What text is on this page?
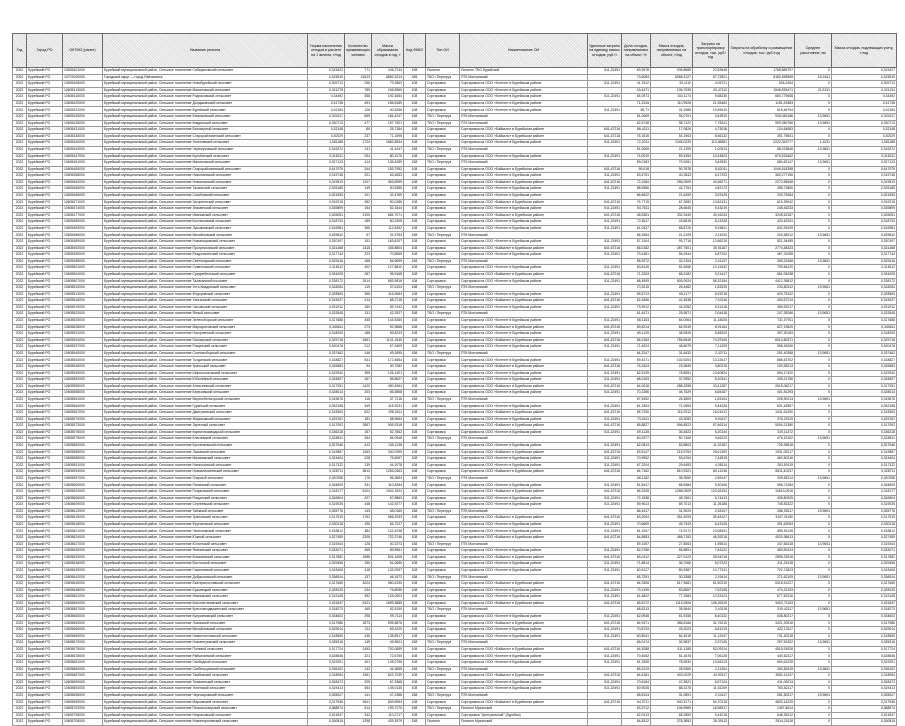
Год	Город РО	ОКТМО (ранее)	Название региона	Норма накопления отходов в расчете на 1 жителя, т/год	Количество проживающих, человек	Масса образования отходов в год, т	Код ФККО	Тип ОИ	Наименование ОИ	Удельные затраты на единицу массы отходов, руб./т	Доля отходов, направляемых на объект, %	Масса отходов, направляемых на объект, т/год	Затраты на транспортировку отходов, тыс. руб./год	Затраты на обработку и размещение отходов, тыс. руб./год	Среднее расстояние, км	Масса отходов, подлежащих учету, т/год
2022	Бурейский РО	10605401000	Бурейский муниципальный район, Сельское поселение Сибиряковский сельсовет	0,319422	771	246,2744	158	Полигон	Полигон ТБО Бурейский	511,22491	83,9978	206,8688	22,53648	1768,586797	0	0,319427
2022	Бурейский РО	10701000000	Городской округ — город Райчихинск	0,315519	21813	6882,3214	335	ТБО / Перегруз	ПТК Мончинский		73,6084	5066,3127	57,72821	5182,458969	15,2441	0,315519
2022	Бурейский РО	10605408000	Бурейский муниципальный район, Сельское поселение Новобурейский поссовет	0,309712	256	79,2863	108	Сортировка	Сортировка на ООО «Кэптэн» в Бурейском районе	511,22491	41,7612	33,1110	4,05721	526,2264	0	0,309712
2022	Бурейский РО	10605413000	Бурейский муниципальный район, Сельское поселение Малиновский сельсовет	0,311275	789	245,5960	108	Сортировка	Сортировка на ООО «Кэптэн» в Бурейском районе		43,4471	106,7039	20,47112	1546,935471	21,5131	0,321211
2022	Бурейский РО	10605416000	Бурейский муниципальный район, Сельское поселение Родниковский сельсовет	0,34492	558	192,4654	108	Сортировка	Сортировка на ООО «Кэптэн» в Бурейском районе	511,22491	54,0973	104,1174	9,58235	680,779658	0	0,34492
2022	Бурейский РО	10605420000	Бурейский муниципальный район, Сельское поселение Долдыканский сельсовет	0,31735	491	155,8189	108	Сортировка	Сортировка на ООО «Кэптэн» в Бурейском районе		71,2315	110,9928	21,35462	1151,25383	0	0,31735
2022	Бурейский РО	10605422000	Бурейский муниципальный район, Сельское поселение Бурейский сельсовет	0,32164	126	40,5266	108	Сортировка	Сортировка на ООО «Кэптэн» в Бурейском районе	511,22491	59,71	24,1985	10,95410	615,46794	0	0,32164
2022	Бурейский РО	10605425000	Бурейский муниципальный район, Сельское поселение Евгеньевский сельсовет	0,324117	569	184,4247	158	ТБО / Перегруз	ПТК Мончинский		51,0069	94,0701	3,42819	930,082186	13,9651	0,324117
2022	Бурейский РО	10605428000	Бурейский муниципальный район, Сельское поселение Кивдинский сельсовет	0,330713	477	157,7501	158	ТБО / Перегруз	ПТК Мончинский		62,5748	98,7122	7,78241	999,380766	13,9651	0,330713
2022	Бурейский РО	10605431000	Бурейский муниципальный район, Сельское поселение Безозерный сельсовет	0,32148	80	25,7184	108	Сортировка	Сортировка на ООО «Байкало» в Бурейском районе	641,67216	66,4211	17,0826	4,73018	124,64983	0	0,32148
2022	Бурейский РО	10605436000	Бурейский муниципальный район, Сельское поселение Старорайчихинский сельсовет	0,30029	237	71,1696	108	Сортировка	Сортировка на ООО «Байкало» в Бурейском районе	641,67216	76,1516	54,1963	8,56132	351,79841	0	0,30029
2022	Бурейский РО	10605440000	Бурейский муниципальный район, Сельское поселение Успеновский сельсовет	1,081186	1723	1862,8834	108	Сортировка	Сортировка на ООО «Кэптэн» в Бурейском районе	511,22491	72,2011	1345,0225	113,36581	2222,326777	1,1031	1,081186
2022	Бурейский РО	10605443000	Бурейский муниципальный район, Сельское поселение Черемуховский сельсовет	0,316372	131	41,4447	158	ТБО / Перегруз	ПТК Мончинский		51,0069	21,1399	1,00913	88,023846	13,9651	0,316372
2022	Бурейский РО	10605447000	Бурейский муниципальный район, Сельское поселение Кульбитский сельсовет	0,316211	254	80,3176	108	Сортировка	Сортировка на ООО «Кэптэн» в Бурейском районе	511,22491	74,0019	59,4354	10,44523	670,515462	0	0,316211
2022	Бурейский РО	10605451000	Бурейский муниципальный район, Сельское поселение Малиновский сельсовет	0,327123	414	135,4289	158	ТБО / Перегруз	ПТК Мончинский		59,0183	79,9281	3,42830	584,82147	13,9651	0,327123
2022	Бурейский РО	10605455000	Бурейский муниципальный район, Сельское поселение Старорайчихинский сельсовет	0,447079	344	153,7952	108	Сортировка	Сортировка на ООО «Байкало» в Бурейском районе	641,67216	59,018	90,7678	8,62011	1046,518398	0	0,447079
2022	Бурейский РО	10605458000	Бурейский муниципальный район, Сельское поселение Николаевский сельсовет	0,315748	201	63,4653	108	Сортировка	Сортировка на ООО «Кэптэн» в Бурейском районе	511,22491	63,4751	40,2843	6,47293	360,277196	0	0,315748
2022	Бурейский РО	10605462000	Бурейский муниципальный район, Сельское поселение Новоспасский сельсовет	0,319513	1107	353,6999	108	Сортировка	Сортировка на ООО «Байкало» в Бурейском районе	641,67216	72,1084	255,0509	43,36271	2272,65948	0	0,319513
2022	Бурейский РО	10605465000	Бурейский муниципальный район, Сельское поселение Таскинский сельсовет	0,339185	149	50,5386	108	Сортировка	Сортировка на ООО «Кэптэн» в Бурейском районе	511,22491	88,5986	44,7764	4,82172	398,73806	0	0,339185
2022	Бурейский РО	10605468000	Бурейский муниципальный район, Сельское поселение Сагибовский сельсовет	0,321553	101	32,4769	108	Сортировка	Сортировка на ООО «Кэптэн» в Бурейском районе		66,6622	21,6499	3,93125	233,75284	0	0,321553
2022	Бурейский РО	10605471000	Бурейский муниципальный район, Сельское поселение Загорненский сельсовет	0,319215	282	90,0186	108	Сортировка	Сортировка на ООО «Байкало» в Бурейском районе	641,67216	74,7715	67,3082	13,82431	615,39042	0	0,319215
2022	Бурейский РО	10605474000	Бурейский муниципальный район, Сельское поселение Знаменский сельсовет	0,339899	154	52,3444	108	Сортировка	Сортировка на ООО «Кэптэн» в Бурейском районе	511,22491	54,7611	28,6645	5,43219	248,45233	0	0,339899
2022	Бурейский РО	10605477000	Бурейский муниципальный район, Сельское поселение Ивановский сельсовет	0,326051	2100	684,7071	108	Сортировка	Сортировка на ООО «Байкало» в Бурейском районе	641,67216	48,5381	332,3440	40,16243	3245,62187	0	0,326051
2022	Бурейский РО	10605480000	Бурейский муниципальный район, Сельское поселение Костюковский сельсовет	0,318733	189	60,2405	108	Сортировка	Сортировка на ООО «Кэптэн» в Бурейском районе	511,22491	72,8117	43,8619	8,14328	420,62311	0	0,318733
2022	Бурейский РО	10605483000	Бурейский муниципальный район, Сельское поселение Лукьяновский сельсовет	0,316981	356	112,8452	108	Сортировка	Сортировка на ООО «Кэптэн» в Бурейском районе	511,22491	61,0327	68,8726	9,33841	602,25109	0	0,316981
2022	Бурейский РО	10605486000	Бурейский муниципальный район, Сельское поселение Михайловский сельсовет	0,329642	97	31,9753	158	ТБО / Перегруз	ПТК Мончинский		66,3354	21,2109	2,11034	203,38212	13,9651	0,329642
2022	Бурейский РО	10605489000	Бурейский муниципальный район, Сельское поселение Новопокровский сельсовет	0,320197	511	163,6207	108	Сортировка	Сортировка на ООО «Кэптэн» в Бурейском районе	511,22491	57,3104	93,7716	12,66218	821,94455	0	0,320197
2022	Бурейский РО	10605492000	Бурейский муниципальный район, Сельское поселение Прогрессовский сельсовет	0,331468	1315	435,8804	108	Сортировка	Сортировка на ООО «Байкало» в Бурейском районе	641,67216	66,0182	287,7601	30,51187	2774,48323	0	0,331468
2022	Бурейский РО	10605495000	Бурейский муниципальный район, Сельское поселение Раздольненский сельсовет	0,317744	223	70,8569	108	Сортировка	Сортировка на ООО «Кэптэн» в Бурейском районе	511,22491	79,4481	56,2944	6,87204	467,31055	0	0,317744
2022	Бурейский РО	10605498000	Бурейский муниципальный район, Сельское поселение Светлоярский сельсовет	0,325416	168	54,6699	158	ТБО / Перегруз	ПТК Мончинский		58,9272	32,2154	2,41137	305,22468	13,9651	0,325416
2022	Бурейский РО	10605501000	Бурейский муниципальный район, Сельское поселение Семеновский сельсовет	0,318112	402	127,8810	108	Сортировка	Сортировка на ООО «Кэптэн» в Бурейском районе	511,22491	63,8145	81,6066	10,19432	709,66120	0	0,318112
2022	Бурейский РО	10605504000	Бурейский муниципальный район, Сельское поселение Среднебельский сельсовет	0,334205	287	95,9168	108	Сортировка	Сортировка на ООО «Байкало» в Бурейском районе	641,67216	71,2263	68,3182	9,21417	661,05438	0	0,334205
2022	Бурейский РО	10605507000	Бурейский муниципальный район, Сельское поселение Талаканский поссовет	0,338172	2614	883,9816	108	Сортировка	Сортировка на ООО «Кэптэн» в Бурейском районе	511,22491	68,4509	605,0924	58,32184	4412,39812	0	0,338172
2022	Бурейский РО	10605510000	Бурейский муниципальный район, Сельское поселение Усть-Кивдинский сельсовет	0,316054	119	37,6104	158	ТБО / Перегруз	ПТК Мончинский		70,3215	26,4482	1,83319	233,80312	13,9651	0,316054
2022	Бурейский РО	10605513000	Бурейский муниципальный район, Сельское поселение Федоровский сельсовет	0,328563	356	116,9684	108	Сортировка	Сортировка на ООО «Кэптэн» в Бурейском районе	511,22491	55,6713	65,1177	8,93218	603,75102	0	0,328563
2022	Бурейский РО	10605516000	Бурейский муниципальный район, Сельское поселение Хинганский сельсовет	0,319027	214	68,2718	108	Сортировка	Сортировка на ООО «Байкало» в Бурейском районе	641,67216	62,1836	42,4538	7,02116	403,57214	0	0,319027
2022	Бурейский РО	10605519000	Бурейский муниципальный район, Сельское поселение Чагоянский сельсовет	0,331912	180	59,7442	108	Сортировка	Сортировка на ООО «Кэптэн» в Бурейском районе	511,22491	73,9912	44,2052	5,31418	366,92017	0	0,331912
2022	Бурейский РО	10605522000	Бурейский муниципальный район, Сельское поселение Ясный сельсовет	0,322845	131	42,2927	158	ТБО / Перегруз	ПТК Мончинский		61,4471	25,9871	2,04418	247,35266	13,9651	0,322845
2022	Бурейский РО	10605525000	Бурейский муниципальный район, Сельское поселение Зеленоборский сельсовет	0,317688	455	144,5480	108	Сортировка	Сортировка на ООО «Кэптэн» в Бурейском районе	511,22491	58,1163	84,0064	11,15026	731,07911	0	0,317688
2022	Бурейский РО	10605528000	Бурейский муниципальный район, Сельское поселение Маргаритовский сельсовет	0,340611	273	92,9868	108	Сортировка	Сортировка на ООО «Байкало» в Бурейском районе	641,67216	69,8214	64,9249	8,91164	627,19820	0	0,340611
2022	Бурейский РО	10605531000	Бурейский муниципальный район, Сельское поселение Нагорненский сельсовет	0,318209	188	59,8233	108	Сортировка	Сортировка на ООО «Кэптэн» в Бурейском районе	511,22491	65,1126	38,9526	5,88320	357,30183	0	0,318209
2022	Бурейский РО	10605534000	Бурейский муниципальный район, Сельское поселение Пионерский сельсовет	0,329718	3461	1141,1540	108	Сортировка	Сортировка на ООО «Байкало» в Бурейском районе	641,67216	66,2184	755,6545	74,29106	6014,80371	0	0,329718
2022	Бурейский РО	10605537000	Бурейский муниципальный район, Сельское поселение Рощинский сельсовет	0,320476	212	67,9409	108	Сортировка	Сортировка на ООО «Кэптэн» в Бурейском районе	511,22491	71,6324	48,6679	7,11205	398,45266	0	0,320476
2022	Бурейский РО	10605540000	Бурейский муниципальный район, Сельское поселение Сосновоборский сельсовет	0,337462	146	49,2695	158	ТБО / Перегруз	ПТК Мончинский		64,2247	31,6432	2,32711	291,40358	13,9651	0,337462
2022	Бурейский РО	10605543000	Бурейский муниципальный район, Сельское поселение Тыгдинский сельсовет	0,318827	541	172,4854	108	Сортировка	Сортировка на ООО «Кэптэн» в Бурейском районе	511,22491	59,4371	102,5204	13,22617	888,43702	0	0,318827
2022	Бурейский РО	10605546000	Бурейский муниципальный район, Сельское поселение Уральский сельсовет	0,326683	94	30,7082	108	Сортировка	Сортировка на ООО «Байкало» в Бурейском районе	641,67216	76,1524	23,3849	3,80215	190,95213	0	0,326683
2022	Бурейский РО	10605549000	Бурейский муниципальный район, Сельское поселение Широкологовский сельсовет	0,319342	395	126,1401	108	Сортировка	Сортировка на ООО «Кэптэн» в Бурейском районе	511,22491	62,5139	78,8551	10,60824	694,17420	0	0,319342
2022	Бурейский РО	10605552000	Бурейский муниципальный район, Сельское поселение Юбилейный сельсовет	0,334507	167	55,8627	108	Сортировка	Сортировка на ООО «Кэптэн» в Бурейском районе	511,22491	68,0153	37,9952	5,20341	339,21766	0	0,334507
2022	Бурейский РО	10605555000	Бурейский муниципальный район, Сельское поселение Алексеевский сельсовет	0,317251	1420	450,4964	108	Сортировка	Сортировка на ООО «Байкало» в Бурейском районе	641,67216	64,0018	288,3258	33,41287	2615,06217	0	0,317251
2022	Бурейский РО	10605558000	Бурейский муниципальный район, Сельское поселение Березовский сельсовет	0,328014	203	66,5868	108	Сортировка	Сортировка на ООО «Кэптэн» в Бурейском районе	511,22491	70,2286	46,7629	6,65187	401,81293	0	0,328014
2022	Бурейский РО	10605561000	Бурейский муниципальный район, Сельское поселение Верхнебелогорский сельсовет	0,319676	118	37,7218	158	ТБО / Перегруз	ПТК Мончинский		67,5492	25,4809	1,83104	228,90213	13,9651	0,319676
2022	Бурейский РО	10605564000	Бурейский муниципальный район, Сельское поселение Гуранский сельсовет	0,332158	349	115,9231	108	Сортировка	Сортировка на ООО «Кэптэн» в Бурейском районе	511,22491	61,3304	71,0953	9,44226	631,42897	0	0,332158
2022	Бурейский РО	10605567000	Бурейский муниципальный район, Сельское поселение Дмитриевский сельсовет	0,318394	622	198,0411	108	Сортировка	Сортировка на ООО «Байкало» в Бурейском районе	641,67216	58,7206	116,2912	15,04412	1041,61290	0	0,318394
2022	Бурейский РО	10605570000	Бурейский муниципальный район, Сельское поселение Жариковский сельсовет	0,325781	181	58,9664	108	Сортировка	Сортировка на ООО «Кэптэн» в Бурейском районе	511,22491	73,4411	43,3053	5,94117	376,20119	0	0,325781
2022	Бурейский РО	10605573000	Бурейский муниципальный район, Сельское поселение Заречный сельсовет	0,317092	2857	905,9318	108	Сортировка	Сортировка на ООО «Байкало» в Бурейском районе	641,67216	65,8827	596,8522	57,66314	5094,21380	0	0,317092
2022	Бурейский РО	10605576000	Бурейский муниципальный район, Сельское поселение Кирпичнозаводской сельсовет	0,336218	157	52,7862	108	Сортировка	Сортировка на ООО «Кэптэн» в Бурейском районе	511,22491	69,1128	36,4822	5,20144	319,11472	0	0,336218
2022	Бурейский РО	10605579000	Бурейский муниципальный район, Сельское поселение Ключевский сельсовет	0,318541	264	84,0948	158	ТБО / Перегруз	ПТК Мончинский		60,3377	50,7408	3,66223	476,19102	13,9651	0,318541
2022	Бурейский РО	10605582000	Бурейский муниципальный район, Сельское поселение Кустанаевский сельсовет	0,327946	412	135,1138	108	Сортировка	Сортировка на ООО «Кэптэн» в Бурейском районе	511,22491	62,0814	83,8803	11,02187	725,39618	0	0,327946
2022	Бурейский РО	10605585000	Бурейский муниципальный район, Сельское поселение Лазовский сельсовет	0,319887	1063	340,0399	108	Сортировка	Сортировка на ООО «Байкало» в Бурейском районе	641,67216	63,5147	215,9754	25,61309	1931,09217	0	0,319887
2022	Бурейский РО	10605588000	Бурейский муниципальный район, Сельское поселение Мазановский сельсовет	0,331604	228	75,6057	108	Сортировка	Сортировка на ООО «Кэптэн» в Бурейском районе	511,22491	70,9952	53,6764	7,42815	462,50216	0	0,331604
2022	Бурейский РО	10605591000	Бурейский муниципальный район, Сельское поселение Натальинский сельсовет	0,317322	139	44,1078	108	Сортировка	Сортировка на ООО «Кэптэн» в Бурейском районе	511,22491	67,2204	29,6493	4,08114	263,50119	0	0,317322
2022	Бурейский РО	10605594000	Бурейский муниципальный район, Сельское поселение Новоалексеевский сельсовет	0,328711	3812	1253,0463	108	Сортировка	Сортировка на ООО «Байкало» в Бурейском районе	641,67216	64,7162	810,9321	80,11246	6511,40237	0	0,328711
2022	Бурейский РО	10605597000	Бурейский муниципальный район, Сельское поселение Озерный сельсовет	0,320258	176	56,3654	158	ТБО / Перегруз	ПТК Мончинский		68,1182	38,3950	2,55147	339,55214	13,9651	0,320258
2022	Бурейский РО	10605600000	Бурейский муниципальный район, Сельское поселение Панинский сельсовет	0,334829	331	110,8284	108	Сортировка	Сортировка на ООО «Кэптэн» в Бурейском районе	511,22491	61,8417	68,5384	9,30106	596,71284	0	0,334829
2022	Бурейский РО	10605603000	Бурейский муниципальный район, Сельское поселение Поярковский сельсовет	0,318177	6104	1942,1524	108	Сортировка	Сортировка на ООО «Байкало» в Бурейском районе	641,67216	66,3208	1288,0509	123,63194	10613,0916	0	0,318177
2022	Бурейский РО	10605606000	Бурейский муниципальный район, Сельское поселение Рощинский сельсовет	0,326504	207	67,5863	108	Сортировка	Сортировка на ООО «Кэптэн» в Бурейском районе	511,22491	72,1538	48,7661	6,74413	405,80325	0	0,326504
2022	Бурейский РО	10605609000	Бурейский муниципальный район, Сельское поселение Сергеевский сельсовет	0,319035	448	142,9277	108	Сортировка	Сортировка на ООО «Кэптэн» в Бурейском районе	511,22491	59,9613	85,7013	11,26188	745,83322	0	0,319035
2022	Бурейский РО	10605612000	Бурейский муниципальный район, Сельское поселение Таёжный сельсовет	0,335776	143	48,0160	158	ТБО / Перегруз	ПТК Мончинский		66,4417	31,9024	2,28107	286,05117	13,9651	0,335776
2022	Бурейский РО	10605615000	Бурейский муниципальный район, Сельское поселение Ураловский сельсовет	0,317519	1752	556,2933	108	Сортировка	Сортировка на ООО «Байкало» в Бурейском районе	641,67216	63,2094	351,6293	39,48127	3197,31150	0	0,317519
2022	Бурейский РО	10605618000	Бурейский муниципальный район, Сельское поселение Фрунзенский сельсовет	0,330218	196	64,7227	108	Сортировка	Сортировка на ООО «Кэптэн» в Бурейском районе	511,22491	70,6609	45,7343	6,43126	391,62054	0	0,330218
2022	Бурейский РО	10605621000	Бурейский муниципальный район, Сельское поселение Чесноковский сельсовет	0,318812	384	122,4238	108	Сортировка	Сортировка на ООО «Кэптэн» в Бурейском районе	511,22491	61,1947	74,9172	10,08431	659,91128	0	0,318812
2022	Бурейский РО	10605624000	Бурейский муниципальный район, Сельское поселение Южный сельсовет	0,327459	2206	722,3746	108	Сортировка	Сортировка на ООО «Байкало» в Бурейском районе	641,67216	64,8853	468,7153	46,39218	4020,36613	0	0,327459
2022	Бурейский РО	10605627000	Бурейский муниципальный район, Сельское поселение Юхтинский сельсовет	0,319344	126	40,2373	158	ТБО / Перегруз	ПТК Мончинский		69,1057	27,8063	1,95514	247,66318	13,9651	0,319344
2022	Бурейский РО	10605630000	Бурейский муниципальный район, Сельское поселение Ясеневский сельсовет	0,333071	269	89,5961	108	Сортировка	Сортировка на ООО «Кэптэн» в Бурейском районе	511,22491	62,3788	55,8891	7,63122	483,90124	0	0,333071
2022	Бурейский РО	10605633000	Бурейский муниципальный район, Сельское поселение Возжаевский сельсовет	0,317882	1586	504,1608	108	Сортировка	Сортировка на ООО «Байкало» в Бурейском районе	641,67216	65,0412	327,9122	35,94216	2898,23516	0	0,317882
2022	Бурейский РО	10605636000	Бурейский муниципальный район, Сельское поселение Восточный сельсовет	0,329455	155	51,0655	108	Сортировка	Сортировка на ООО «Кэптэн» в Бурейском районе	511,22491	71,8814	36,7066	5,07223	311,22418	0	0,329455
2022	Бурейский РО	10605639000	Бурейский муниципальный район, Сельское поселение Гомелевский сельсовет	0,318406	418	133,0937	108	Сортировка	Сортировка на ООО «Кэптэн» в Бурейском районе	511,22491	60,5127	80,5387	10,77241	702,71823	0	0,318406
2022	Бурейский РО	10605642000	Бурейский муниципальный район, Сельское поселение Добрынинский сельсовет	0,336914	137	46,1572	158	ТБО / Перегруз	ПТК Мончинский		65,7291	30,3388	2,19414	271,62109	13,9651	0,336914
2022	Бурейский РО	10605645000	Бурейский муниципальный район, Сельское поселение Екатеринославский сельсовет	0,317665	3024	960,6190	108	Сортировка	Сортировка на ООО «Байкало» в Бурейском районе	641,67216	64,3306	617,9681	61,50219	5318,51227	0	0,317665
2022	Бурейский РО	10605648000	Бурейский муниципальный район, Сельское поселение Ерковецкий сельсовет	0,328229	234	76,8056	108	Сортировка	Сортировка на ООО «Кэптэн» в Бурейском районе	511,22491	70,1195	53,8557	7,52108	470,22193	0	0,328229
2022	Бурейский РО	10605651000	Бурейский муниципальный район, Сельское поселение Ивановский сельсовет	0,319108	392	125,0903	108	Сортировка	Сортировка на ООО «Кэптэн» в Бурейском районе	511,22491	61,6822	77,1584	10,33124	677,52316	0	0,319108
2022	Бурейский РО	10605654000	Бурейский муниципальный район, Сельское поселение Константиновский сельсовет	0,331847	5121	1699,3885	108	Сортировка	Сортировка на ООО «Байкало» в Бурейском районе	641,67216	65,5172	1113,3906	108,26319	9402,71163	0	0,331847
2022	Бурейский РО	10605657000	Бурейский муниципальный район, Сельское поселение Крестовоздвиженский сельсовет	0,318273	165	52,5150	158	ТБО / Перегруз	ПТК Мончинский		68,5213	35,9840	2,43118	319,42117	13,9651	0,318273
2022	Бурейский РО	10605660000	Бурейский муниципальный район, Сельское поселение Куприяновский сельсовет	0,334602	298	99,7114	108	Сортировка	Сортировка на ООО «Кэптэн» в Бурейском районе	511,22491	62,0948	61,9156	8,40132	536,80217	0	0,334602
2022	Бурейский РО	10605663000	Бурейский муниципальный район, Сельское поселение Лозовский сельсовет	0,317986	1873	595,5878	108	Сортировка	Сортировка на ООО «Байкало» в Бурейском районе	641,67216	64,9471	386,8166	41,76215	3421,20518	0	0,317986
2022	Бурейский РО	10605666000	Бурейский муниципальный район, Сельское поселение Михайловский сельсовет	0,329014	211	69,4220	108	Сортировка	Сортировка на ООО «Кэптэн» в Бурейском районе	511,22491	70,8733	49,2023	6,81219	422,13117	0	0,329014
2022	Бурейский РО	10605669000	Бурейский муниципальный район, Сельское поселение Нижнеполтавский сельсовет	0,318559	436	138,8917	108	Сортировка	Сортировка на ООО «Кэптэн» в Бурейском районе	511,22491	60,8041	84,4518	11,12047	731,40218	0	0,318559
2022	Бурейский РО	10605672000	Бурейский муниципальный район, Сельское поселение Новопетровский сельсовет	0,335316	149	49,9621	158	ТБО / Перегруз	ПТК Мончинский		66,0174	32,9837	2,37126	297,51322	13,9651	0,335316
2022	Бурейский РО	10605675000	Бурейский муниципальный район, Сельское поселение Полевой сельсовет	0,317724	2493	792,0859	108	Сортировка	Сортировка на ООО «Байкало» в Бурейском районе	641,67216	64,5288	511,1185	52,09314	4515,91526	0	0,317724
2022	Бурейский РО	10605678000	Бурейский муниципальный район, Сельское поселение Райчихинский сельсовет	0,328846	221	72,6750	108	Сортировка	Сортировка на ООО «Кэптэн» в Бурейском районе	511,22491	70,4062	51,1676	7,06128	440,82117	0	0,328846
2022	Бурейский РО	10605681000	Бурейский муниципальный район, Сельское поселение Свободный сельсовет	0,319201	401	128,0796	108	Сортировка	Сортировка на ООО «Кэптэн» в Бурейском районе	511,22491	61,3308	78,5530	10,55213	690,61228	0	0,319201
2022	Бурейский РО	10605684000	Бурейский муниципальный район, Сельское поселение Скобельцинский сельсовет	0,336102	132	44,3655	158	ТБО / Перегруз	ПТК Мончинский		65,2219	28,9360	2,11304	263,80119	13,9651	0,336102
2022	Бурейский РО	10605687000	Бурейский муниципальный район, Сельское поселение Тамбовский сельсовет	0,318054	1961	623,7039	108	Сортировка	Сортировка на ООО «Байкало» в Бурейском районе	641,67216	64,6181	403,0229	43,90117	3582,11247	0	0,318054
2022	Бурейский РО	10605690000	Бурейский муниципальный район, Сельское поселение Тюкалинский сельсовет	0,328472	205	67,3368	108	Сортировка	Сортировка на ООО «Кэптэн» в Бурейском районе	511,22491	70,6184	47,5521	6,57124	411,09213	0	0,328472
2022	Бурейский РО	10605693000	Бурейский муниципальный район, Сельское поселение Успенский сельсовет	0,319413	454	145,0135	108	Сортировка	Сортировка на ООО «Кэптэн» в Бурейском районе	511,22491	60,9028	88,3176	11,61209	763,52117	0	0,319413
2022	Бурейский РО	10605696000	Бурейский муниципальный район, Сельское поселение Чернояровский сельсовет	0,335027	141	47,2388	158	ТБО / Перегруз	ПТК Мончинский		65,8124	31,0891	2,24117	281,50217	13,9651	0,335027
2022	Бурейский РО	10605699000	Бурейский муниципальный район, Сельское поселение Марковский сельсовет	0,317946	2641	839,6954	108	Сортировка	Сортировка на ООО «Байкало» в Бурейском районе	641,67216	64,3711	540,5171	54,70218	4803,14225	0	0,317946
2022	Бурейский РО	10605702000	Бурейский муниципальный район, Сельское поселение Песчаноозерский сельсовет	0,388574	514	199,7270	158	ТБО / Перегруз	Полигон Мухинский		53,3712	106,5969	16,98317	1497,8014	0	0,388574
2022	Бурейский РО	10605705000	Бурейский муниципальный район, Сельское поселение Некрасовский сельсовет	0,321847	342	110,0717	108	Сортировка	Сортировка "Центральный" (Бурейка)		62,0413	68,2890	9,44218	648,39212	0	0,321847
2022	Бурейский РО	10605708000	Бурейский муниципальный район, Сельское поселение Новогеоргиевский сельсовет	0,330815	1298	429,3979	158	Полигон	Полигон Мухинский		64,8312	278,3852	28,39113	2514,20118	0	0,330815
